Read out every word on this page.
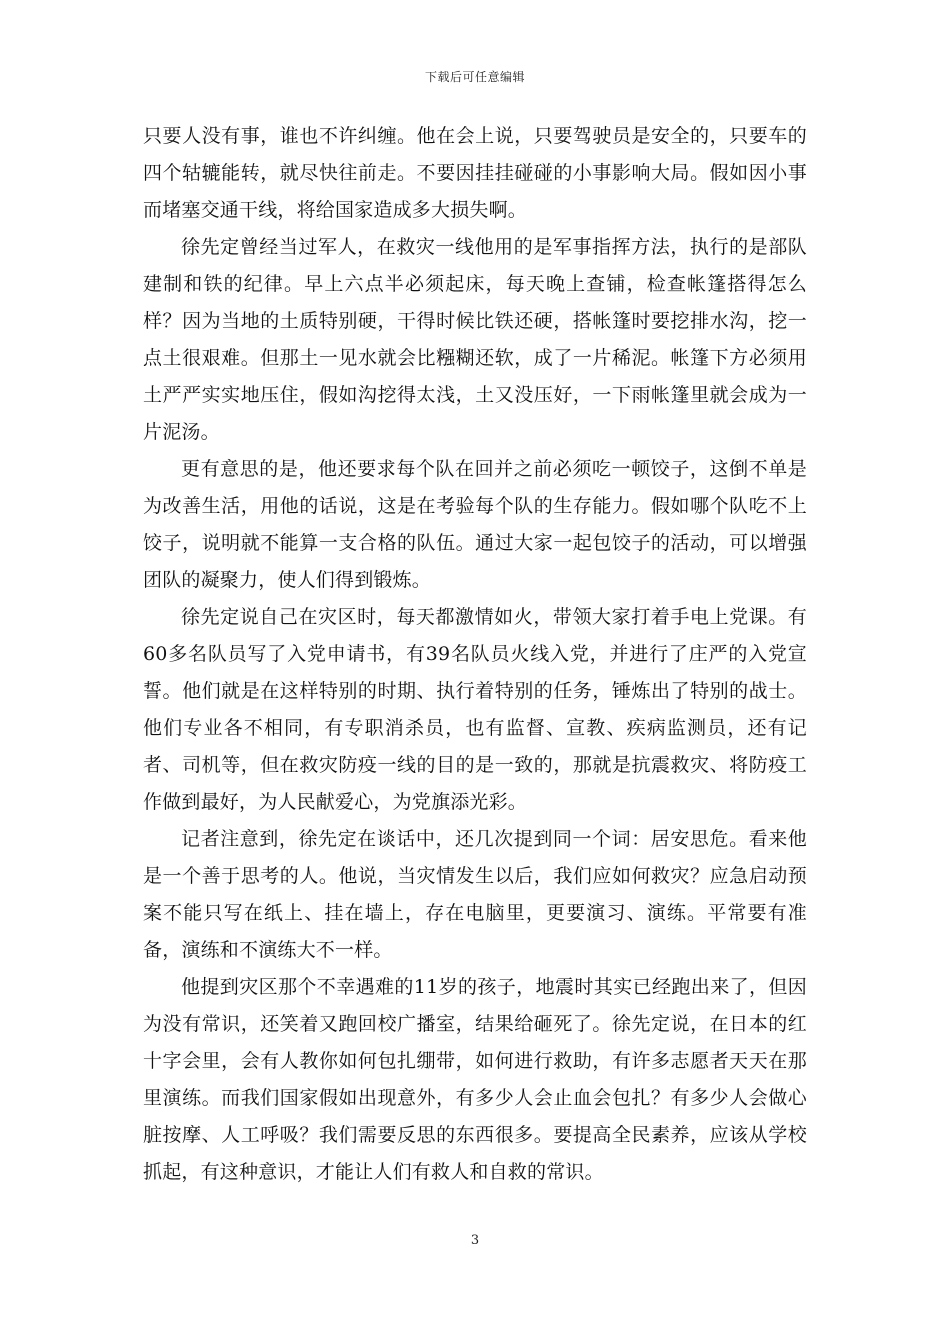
下载后可任意编辑

只要人没有事，谁也不许纠缠。他在会上说，只要驾驶员是安全的，只要车的四个轱辘能转，就尽快往前走。不要因挂挂碰碰的小事影响大局。假如因小事而堵塞交通干线，将给国家造成多大损失啊。

徐先定曾经当过军人，在救灾一线他用的是军事指挥方法，执行的是部队建制和铁的纪律。早上六点半必须起床，每天晚上查铺，检查帐篷搭得怎么样？因为当地的土质特别硬，干得时候比铁还硬，搭帐篷时要挖排水沟，挖一点土很艰难。但那土一见水就会比糨糊还软，成了一片稀泥。帐篷下方必须用土严严实实地压住，假如沟挖得太浅，土又没压好，一下雨帐篷里就会成为一片泥汤。

更有意思的是，他还要求每个队在回并之前必须吃一顿饺子，这倒不单是为改善生活，用他的话说，这是在考验每个队的生存能力。假如哪个队吃不上饺子，说明就不能算一支合格的队伍。通过大家一起包饺子的活动，可以增强团队的凝聚力，使人们得到锻炼。

徐先定说自己在灾区时，每天都激情如火，带领大家打着手电上党课。有60多名队员写了入党申请书，有39名队员火线入党，并进行了庄严的入党宣誓。他们就是在这样特别的时期、执行着特别的任务，锤炼出了特别的战士。他们专业各不相同，有专职消杀员，也有监督、宣教、疾病监测员，还有记者、司机等，但在救灾防疫一线的目的是一致的，那就是抗震救灾、将防疫工作做到最好，为人民献爱心，为党旗添光彩。

记者注意到，徐先定在谈话中，还几次提到同一个词：居安思危。看来他是一个善于思考的人。他说，当灾情发生以后，我们应如何救灾？应急启动预案不能只写在纸上、挂在墙上，存在电脑里，更要演习、演练。平常要有准备，演练和不演练大不一样。

他提到灾区那个不幸遇难的11岁的孩子，地震时其实已经跑出来了，但因为没有常识，还笑着又跑回校广播室，结果给砸死了。徐先定说，在日本的红十字会里，会有人教你如何包扎绷带，如何进行救助，有许多志愿者天天在那里演练。而我们国家假如出现意外，有多少人会止血会包扎？有多少人会做心脏按摩、人工呼吸？我们需要反思的东西很多。要提高全民素养，应该从学校抓起，有这种意识，才能让人们有救人和自救的常识。

3
